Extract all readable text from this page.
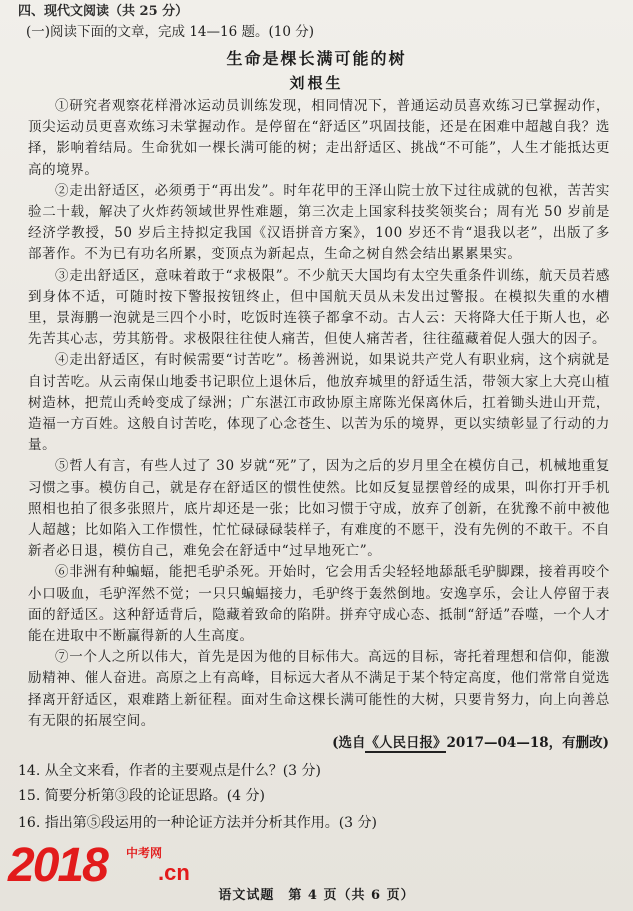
四、现代文阅读（共 25 分）
(一)阅读下面的文章，完成 14—16 题。(10 分)
生命是棵长满可能的树
刘根生

①研究者观察花样滑冰运动员训练发现，相同情况下，普通运动员喜欢练习已掌握动作，顶尖运动员更喜欢练习未掌握动作。是停留在“舒适区”巩固技能，还是在困难中超越自我？选择，影响着结局。生命犹如一棵长满可能的树；走出舒适区、挑战“不可能”，人生才能抵达更高的境界。

②走出舒适区，必须勇于“再出发”。时年花甲的王泽山院士放下过往成就的包袱，苦苦实验二十载，解决了火炸药领域世界性难题，第三次走上国家科技奖领奖台；周有光 50 岁前是经济学教授，50 岁后主持拟定我国《汉语拼音方案》，100 岁还不肯“退我以老”，出版了多部著作。不为已有功名所累，变顶点为新起点，生命之树自然会结出累累果实。

③走出舒适区，意味着敢于“求极限”。不少航天大国均有太空失重条件训练，航天员若感到身体不适，可随时按下警报按钮终止，但中国航天员从未发出过警报。在模拟失重的水槽里，景海鹏一泡就是三四个小时，吃饭时连筷子都拿不动。古人云：天将降大任于斯人也，必先苦其心志，劳其筋骨。求极限往往使人痛苦，但使人痛苦者，往往蕴藏着促人强大的因子。

④走出舒适区，有时候需要“讨苦吃”。杨善洲说，如果说共产党人有职业病，这个病就是自讨苦吃。从云南保山地委书记职位上退休后，他放弃城里的舒适生活，带领大家上大亮山植树造林，把荒山秃岭变成了绿洲；广东湛江市政协原主席陈光保离休后，扛着锄头进山开荒，造福一方百姓。这般自讨苦吃，体现了心念苍生、以苦为乐的境界，更以实绩彰显了行动的力量。

⑤哲人有言，有些人过了 30 岁就“死”了，因为之后的岁月里全在模仿自己，机械地重复习惯之事。模仿自己，就是存在舒适区的惯性使然。比如反复显摆曾经的成果，叫你打开手机照相也拍了很多张照片，底片却还是一张；比如习惯于守成，放弃了创新，在犹豫不前中被他人超越；比如陷入工作惯性，忙忙碌碌碌装样子，有难度的不愿干，没有先例的不敢干。不自新者必日退，模仿自己，难免会在舒适中“过早地死亡”。

⑥非洲有种蝙蝠，能把毛驴杀死。开始时，它会用舌尖轻轻地舔舐毛驴脚踝，接着再咬个小口吸血，毛驴浑然不觉；一只只蝙蝠接力，毛驴终于轰然倒地。安逸享乐，会让人停留于表面的舒适区。这种舒适背后，隐藏着致命的陷阱。拼弃守成心态、抵制“舒适”吞噬，一个人才能在进取中不断赢得新的人生高度。

⑦一个人之所以伟大，首先是因为他的目标伟大。高远的目标，寄托着理想和信仰，能激励精神、催人奋进。高原之上有高峰，目标远大者从不满足于某个特定高度，他们常常自觉选择离开舒适区，艰难踏上新征程。面对生命这棵长满可能性的大树，只要肯努力，向上向善总有无限的拓展空间。

(选自《人民日报》2017—04—18，有删改)
14. 从全文来看，作者的主要观点是什么？(3 分)
15. 简要分析第③段的论证思路。(4 分)
16. 指出第⑤段运用的一种论证方法并分析其作用。(3 分)
2018 中考网
.cn
语文试题　第 4 页（共 6 页）
